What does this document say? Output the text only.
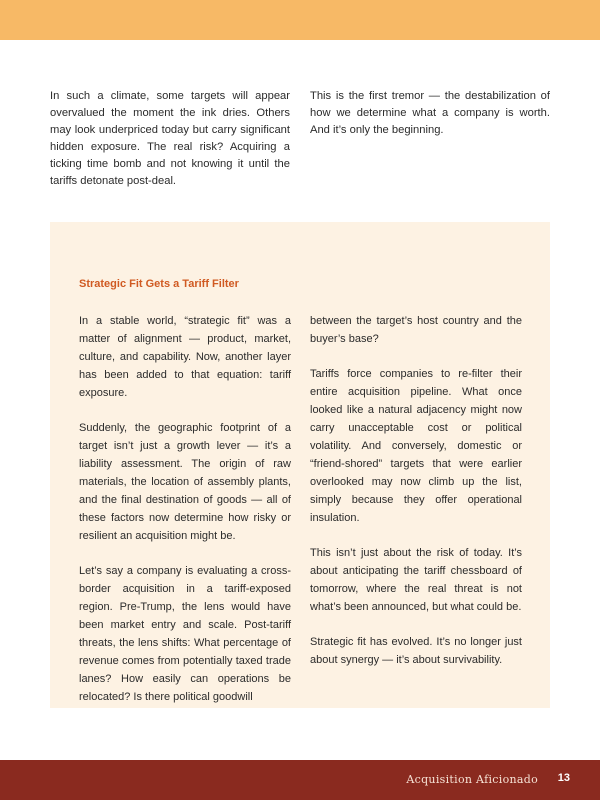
In such a climate, some targets will appear overvalued the moment the ink dries. Others may look underpriced today but carry significant hidden exposure. The real risk? Acquiring a ticking time bomb and not knowing it until the tariffs detonate post-deal.

This is the first tremor — the destabilization of how we determine what a company is worth. And it’s only the beginning.

Strategic Fit Gets a Tariff Filter

In a stable world, “strategic fit” was a matter of alignment — product, market, culture, and capability. Now, another layer has been added to that equation: tariff exposure.

Suddenly, the geographic footprint of a target isn’t just a growth lever — it’s a liability assessment. The origin of raw materials, the location of assembly plants, and the final destination of goods — all of these factors now determine how risky or resilient an acquisition might be.

Let’s say a company is evaluating a cross-border acquisition in a tariff-exposed region. Pre-Trump, the lens would have been market entry and scale. Post-tariff threats, the lens shifts: What percentage of revenue comes from potentially taxed trade lanes? How easily can operations be relocated? Is there political goodwill

between the target’s host country and the buyer’s base?

Tariffs force companies to re-filter their entire acquisition pipeline. What once looked like a natural adjacency might now carry unacceptable cost or political volatility. And conversely, domestic or “friend-shored” targets that were earlier overlooked may now climb up the list, simply because they offer operational insulation.

This isn’t just about the risk of today. It’s about anticipating the tariff chessboard of tomorrow, where the real threat is not what’s been announced, but what could be.

Strategic fit has evolved. It’s no longer just about synergy — it’s about survivability.

Acquisition Aficionado 13
